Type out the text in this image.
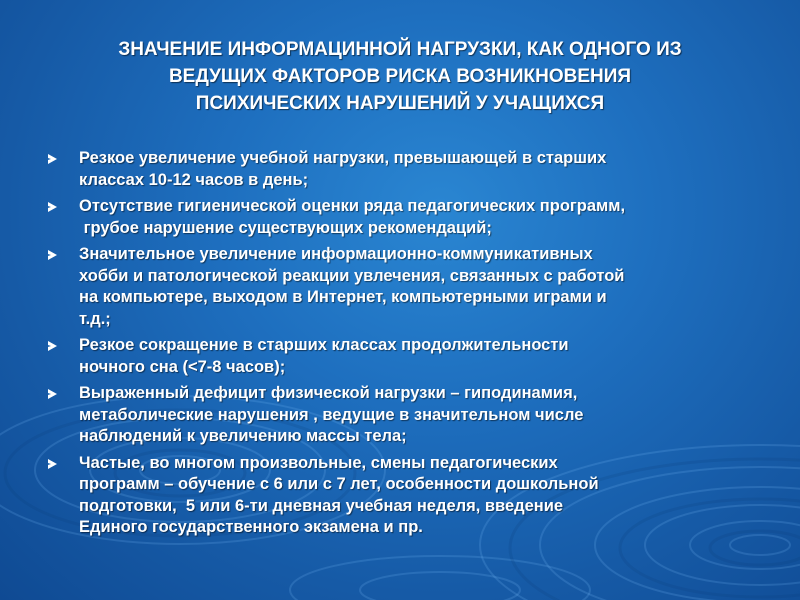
ЗНАЧЕНИЕ ИНФОРМАЦИННОЙ НАГРУЗКИ, КАК ОДНОГО ИЗ
ВЕДУЩИХ ФАКТОРОВ РИСКА ВОЗНИКНОВЕНИЯ
ПСИХИЧЕСКИХ НАРУШЕНИЙ У УЧАЩИХСЯ
Резкое увеличение учебной нагрузки, превышающей в старших
классах 10-12 часов в день;
Отсутствие гигиенической оценки ряда педагогических программ,
грубое нарушение существующих рекомендаций;
Значительное увеличение информационно-коммуникативных
хобби и патологической реакции увлечения, связанных с работой
на компьютере, выходом в Интернет, компьютерными играми и
т.д.;
Резкое сокращение в старших классах продолжительности
ночного сна (<7-8 часов);
Выраженный дефицит физической нагрузки – гиподинамия,
метаболические нарушения , ведущие в значительном числе
наблюдений к увеличению массы тела;
Частые, во многом произвольные, смены педагогических
программ – обучение с 6 или с 7 лет, особенности дошкольной
подготовки,  5 или 6-ти дневная учебная неделя, введение
Единого государственного экзамена и пр.
